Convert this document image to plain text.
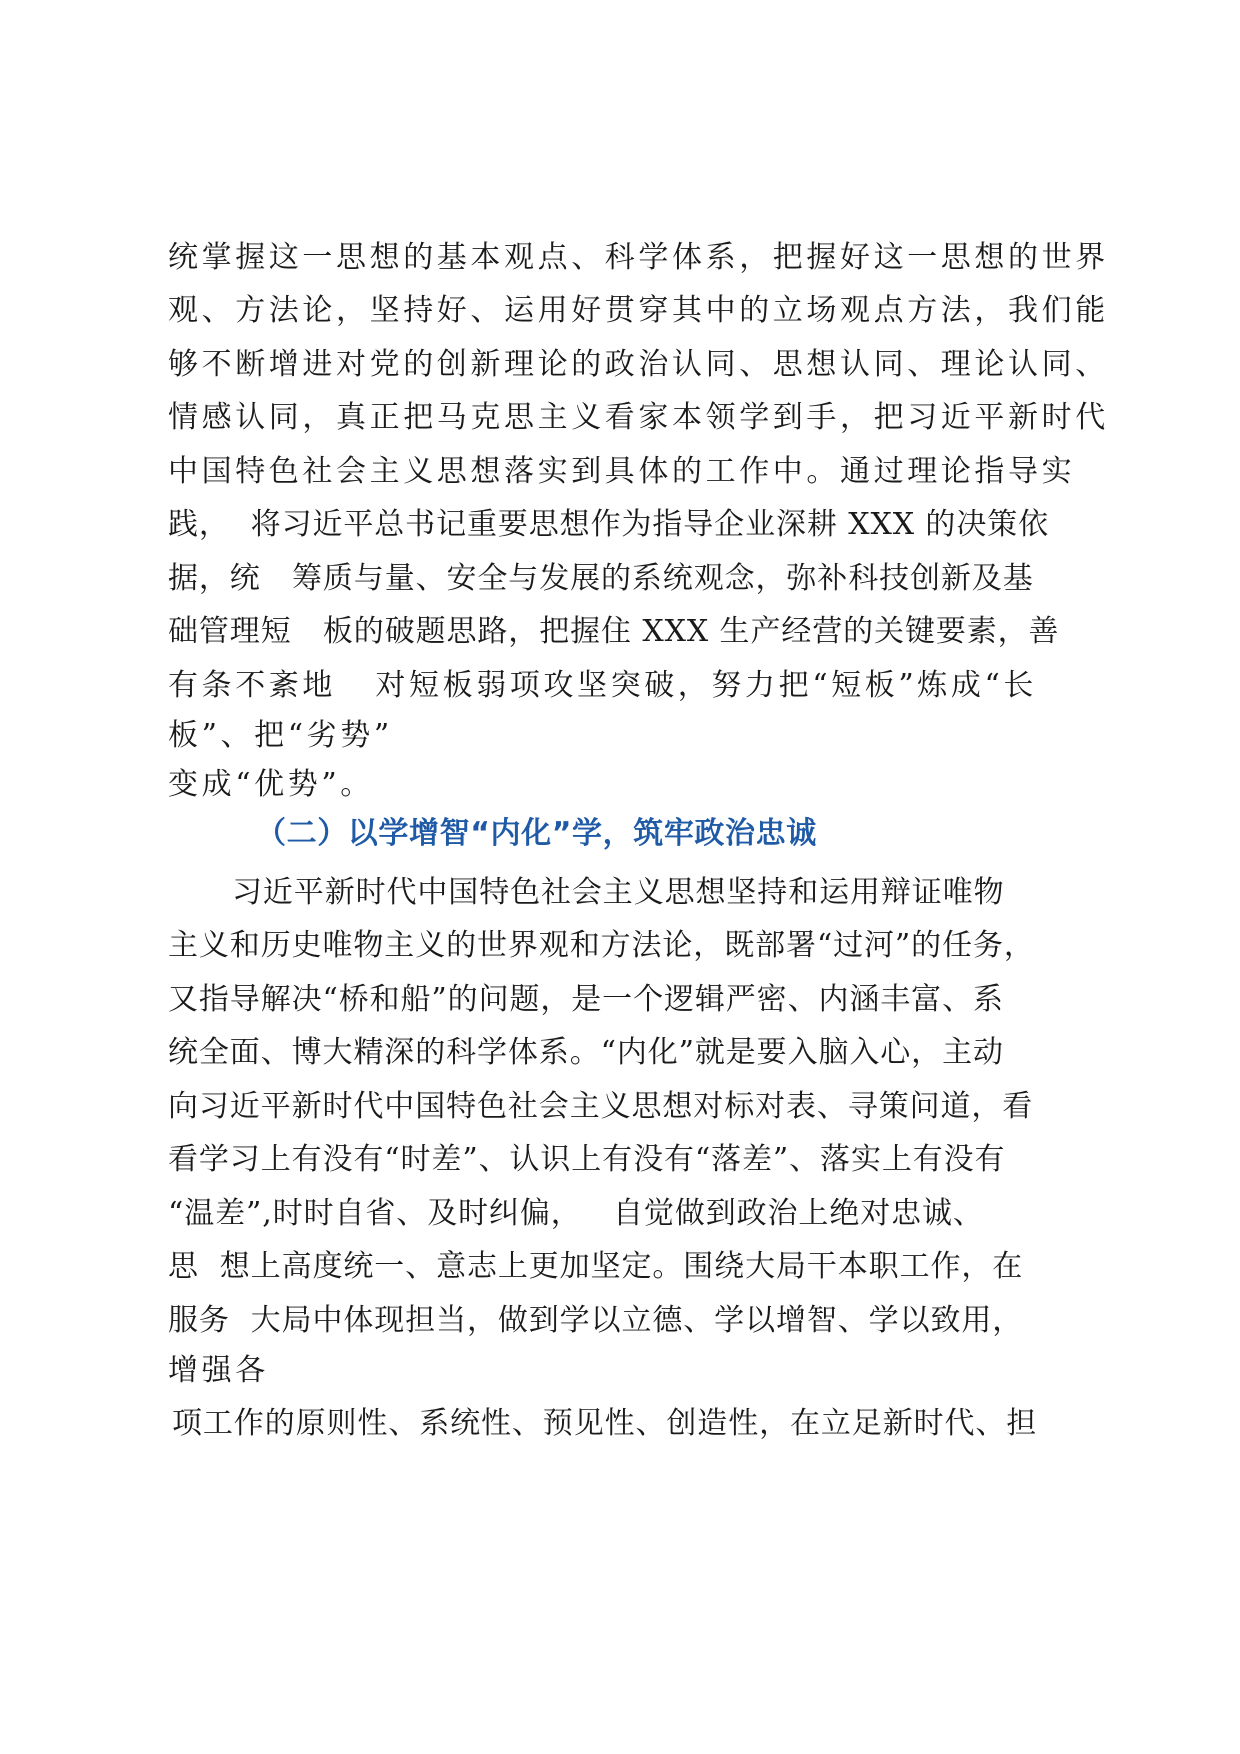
统掌握这一思想的基本观点、科学体系，把握好这一思想的世界
观、方法论，坚持好、运用好贯穿其中的立场观点方法，我们能
够不断增进对党的创新理论的政治认同、思想认同、理论认同、
情感认同，真正把马克思主义看家本领学到手，把习近平新时代
中国特色社会主义思想落实到具体的工作中。通过理论指导实
践，  将习近平总书记重要思想作为指导企业深耕 XXX 的决策依
据，统   筹质与量、安全与发展的系统观念，弥补科技创新及基
础管理短   板的破题思路，把握住 XXX 生产经营的关键要素，善
有条不紊地   对短板弱项攻坚突破，努力把“短板”炼成“长
板”、把“劣势”
变成“优势”。
（二）以学增智“内化”学，筑牢政治忠诚
习近平新时代中国特色社会主义思想坚持和运用辩证唯物
主义和历史唯物主义的世界观和方法论，既部署“过河”的任务，
又指导解决“桥和船”的问题，是一个逻辑严密、内涵丰富、系
统全面、博大精深的科学体系。“内化”就是要入脑入心，主动
向习近平新时代中国特色社会主义思想对标对表、寻策问道，看
看学习上有没有“时差”、认识上有没有“落差”、落实上有没有
“温差”,时时自省、及时纠偏，   自觉做到政治上绝对忠诚、
思  想上高度统一、意志上更加坚定。围绕大局干本职工作，在
服务  大局中体现担当，做到学以立德、学以增智、学以致用，
增强各
项工作的原则性、系统性、预见性、创造性，在立足新时代、担
